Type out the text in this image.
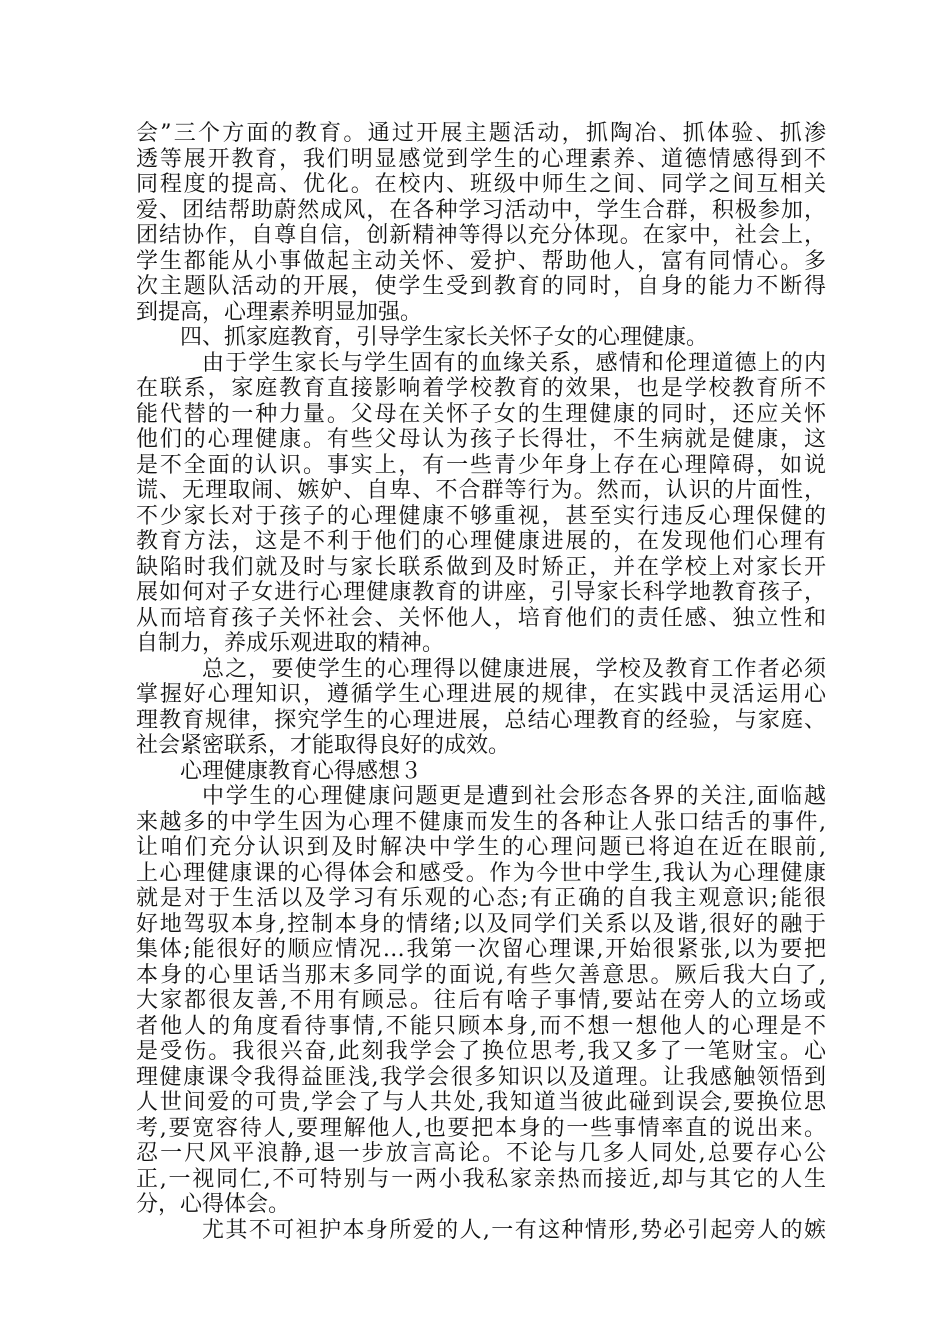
会”三个方面的教育。通过开展主题活动，抓陶冶、抓体验、抓渗
透等展开教育，我们明显感觉到学生的心理素养、道德情感得到不
同程度的提高、优化。在校内、班级中师生之间、同学之间互相关
爱、团结帮助蔚然成风，在各种学习活动中，学生合群，积极参加，
团结协作，自尊自信，创新精神等得以充分体现。在家中，社会上，
学生都能从小事做起主动关怀、爱护、帮助他人，富有同情心。多
次主题队活动的开展，使学生受到教育的同时，自身的能力不断得
到提高，心理素养明显加强。
四、抓家庭教育，引导学生家长关怀子女的心理健康。
由于学生家长与学生固有的血缘关系，感情和伦理道德上的内
在联系，家庭教育直接影响着学校教育的效果，也是学校教育所不
能代替的一种力量。父母在关怀子女的生理健康的同时，还应关怀
他们的心理健康。有些父母认为孩子长得壮，不生病就是健康，这
是不全面的认识。事实上，有一些青少年身上存在心理障碍，如说
谎、无理取闹、嫉妒、自卑、不合群等行为。然而，认识的片面性，
不少家长对于孩子的心理健康不够重视，甚至实行违反心理保健的
教育方法，这是不利于他们的心理健康进展的，在发现他们心理有
缺陷时我们就及时与家长联系做到及时矫正，并在学校上对家长开
展如何对子女进行心理健康教育的讲座，引导家长科学地教育孩子，
从而培育孩子关怀社会、关怀他人，培育他们的责任感、独立性和
自制力，养成乐观进取的精神。
总之，要使学生的心理得以健康进展，学校及教育工作者必须
掌握好心理知识，遵循学生心理进展的规律，在实践中灵活运用心
理教育规律，探究学生的心理进展，总结心理教育的经验，与家庭、
社会紧密联系，才能取得良好的成效。
心理健康教育心得感想３
中学生的心理健康问题更是遭到社会形态各界的关注,面临越
来越多的中学生因为心理不健康而发生的各种让人张口结舌的事件,
让咱们充分认识到及时解决中学生的心理问题已将迫在近在眼前,
上心理健康课的心得体会和感受。作为今世中学生,我认为心理健康
就是对于生活以及学习有乐观的心态;有正确的自我主观意识;能很
好地驾驭本身,控制本身的情绪;以及同学们关系以及谐,很好的融于
集体;能很好的顺应情况…我第一次留心理课,开始很紧张,以为要把
本身的心里话当那末多同学的面说,有些欠善意思。厥后我大白了,
大家都很友善,不用有顾忌。往后有啥子事情,要站在旁人的立场或
者他人的角度看待事情,不能只顾本身,而不想一想他人的心理是不
是受伤。我很兴奋,此刻我学会了换位思考,我又多了一笔财宝。心
理健康课令我得益匪浅,我学会很多知识以及道理。让我感触领悟到
人世间爱的可贵,学会了与人共处,我知道当彼此碰到误会,要换位思
考,要宽容待人,要理解他人,也要把本身的一些事情率直的说出来。
忍一尺风平浪静,退一步放言高论。不论与几多人同处,总要存心公
正,一视同仁,不可特别与一两小我私家亲热而接近,却与其它的人生
分，心得体会。
尤其不可袒护本身所爱的人,一有这种情形,势必引起旁人的嫉
